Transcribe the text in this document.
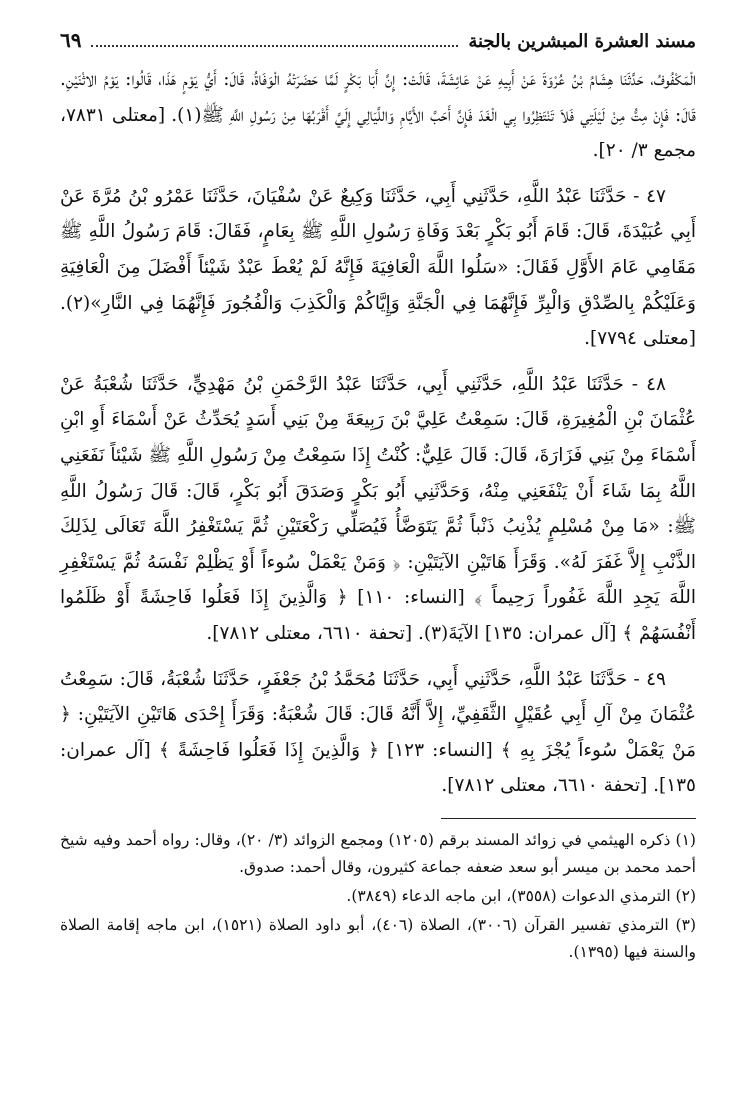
مسند العشرة المبشرين بالجنة
٦٩

الْمَكْفُوفُ، حَدَّثَنَا هِشَامُ بْنُ عُرْوَةَ عَنْ أَبِيهِ عَنْ عَائِشَةَ، قَالَتْ: إِنَّ أَبَا بَكْرٍ لَمَّا حَضَرَتْهُ الْوَفَاةُ، قَالَ: أَيُّ يَوْمٍ هَذَا، قَالُوا: يَوْمُ الاثْنَيْنِ. قَالَ: فَإِنْ مِتُّ مِنْ لَيْلَتِي فَلاَ تَنْتَظِرُوا بِي الْغَدَ فَإِنَّ أَحَبَّ الأَيَّامِ وَاللَّيَالِي إِلَيَّ أَقْرَبُهَا مِنْ رَسُولِ اللَّهِ ﷺ(١). [معتلى ٧٨٣١، مجمع ٣/ ٢٠].

٤٧ - حَدَّثَنَا عَبْدُ اللَّهِ، حَدَّثَنِي أَبِي، حَدَّثَنَا وَكِيعٌ عَنْ سُفْيَانَ، حَدَّثَنَا عَمْرُو بْنُ مُرَّةَ عَنْ أَبِي عُبَيْدَةَ، قَالَ: قَامَ أَبُو بَكْرٍ بَعْدَ وَفَاةِ رَسُولِ اللَّهِ ﷺ بِعَامٍ، فَقَالَ: قَامَ رَسُولُ اللَّهِ ﷺ مَقَامِي عَامَ الأَوَّلِ فَقَالَ: «سَلُوا اللَّهَ الْعَافِيَةَ فَإِنَّهُ لَمْ يُعْطَ عَبْدٌ شَيْئاً أَفْضَلَ مِنَ الْعَافِيَةِ وَعَلَيْكُمْ بِالصِّدْقِ وَالْبِرِّ فَإِنَّهُمَا فِي الْجَنَّةِ وَإِيَّاكُمْ وَالْكَذِبَ وَالْفُجُورَ فَإِنَّهُمَا فِي النَّارِ»(٢). [معتلى ٧٧٩٤].

٤٨ - حَدَّثَنَا عَبْدُ اللَّهِ، حَدَّثَنِي أَبِي، حَدَّثَنَا عَبْدُ الرَّحْمَنِ بْنُ مَهْدِيٍّ، حَدَّثَنَا شُعْبَةُ عَنْ عُثْمَانَ بْنِ الْمُغِيرَةِ، قَالَ: سَمِعْتُ عَلِيَّ بْنَ رَبِيعَةَ مِنْ بَنِي أَسَدٍ يُحَدِّثُ عَنْ أَسْمَاءَ أَوِ ابْنِ أَسْمَاءَ مِنْ بَنِي فَزَارَةَ، قَالَ: قَالَ عَلِيٌّ: كُنْتُ إِذَا سَمِعْتُ مِنْ رَسُولِ اللَّهِ ﷺ شَيْئاً نَفَعَنِي اللَّهُ بِمَا شَاءَ أَنْ يَنْفَعَنِي مِنْهُ، وَحَدَّثَنِي أَبُو بَكْرٍ وَصَدَقَ أَبُو بَكْرٍ، قَالَ: قَالَ رَسُولُ اللَّهِ ﷺ: «مَا مِنْ مُسْلِمٍ يُذْنِبُ ذَنْباً ثُمَّ يَتَوَضَّأُ فَيُصَلِّي رَكْعَتَيْنِ ثُمَّ يَسْتَغْفِرُ اللَّهَ تَعَالَى لِذَلِكَ الذَّنْبِ إِلاَّ غَفَرَ لَهُ». وَقَرَأَ هَاتَيْنِ الآيَتَيْنِ: ﴿ وَمَنْ يَعْمَلْ سُوءاً أَوْ يَظْلِمْ نَفْسَهُ ثُمَّ يَسْتَغْفِرِ اللَّهَ يَجِدِ اللَّهَ غَفُوراً رَحِيماً ﴾ [النساء: ١١٠] ﴿ وَالَّذِينَ إِذَا فَعَلُوا فَاحِشَةً أَوْ ظَلَمُوا أَنْفُسَهُمْ ﴾ [آل عمران: ١٣٥] الآيَةَ(٣). [تحفة ٦٦١٠، معتلى ٧٨١٢].

٤٩ - حَدَّثَنَا عَبْدُ اللَّهِ، حَدَّثَنِي أَبِي، حَدَّثَنَا مُحَمَّدُ بْنُ جَعْفَرٍ، حَدَّثَنَا شُعْبَةُ، قَالَ: سَمِعْتُ عُثْمَانَ مِنْ آلِ أَبِي عُقَيْلٍ الثَّقَفِيِّ، إِلاَّ أَنَّهُ قَالَ: قَالَ شُعْبَةُ: وَقَرَأَ إِحْدَى هَاتَيْنِ الآيَتَيْنِ: ﴿ مَنْ يَعْمَلْ سُوءاً يُجْزَ بِهِ ﴾ [النساء: ١٢٣] ﴿ وَالَّذِينَ إِذَا فَعَلُوا فَاحِشَةً ﴾ [آل عمران: ١٣٥]. [تحفة ٦٦١٠، معتلى ٧٨١٢].

(١) ذكره الهيثمي في زوائد المسند برقم (١٢٠٥) ومجمع الزوائد (٣/ ٢٠)، وقال: رواه أحمد وفيه شيخ أحمد محمد بن ميسر أبو سعد ضعفه جماعة كثيرون، وقال أحمد: صدوق.

(٢) الترمذي الدعوات (٣٥٥٨)، ابن ماجه الدعاء (٣٨٤٩).

(٣) الترمذي تفسير القرآن (٣٠٠٦)، الصلاة (٤٠٦)، أبو داود الصلاة (١٥٢١)، ابن ماجه إقامة الصلاة والسنة فيها (١٣٩٥).
